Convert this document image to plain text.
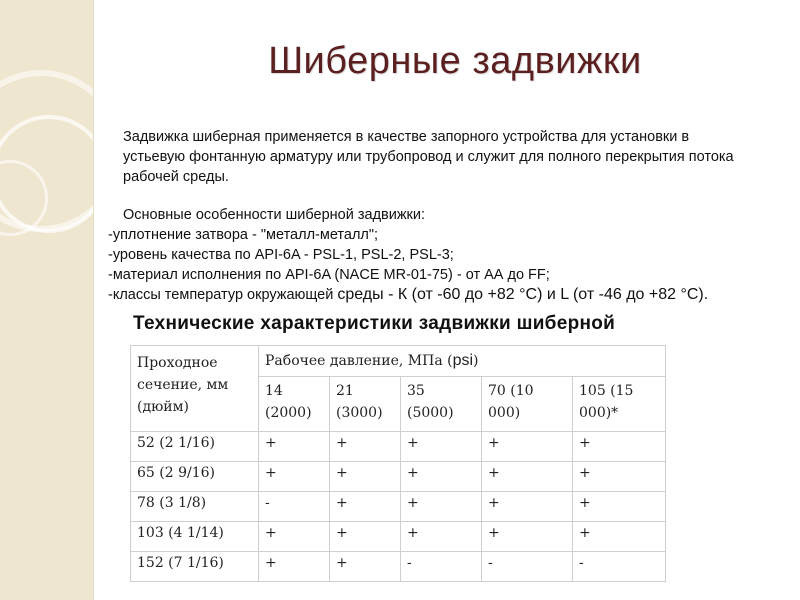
Шиберные задвижки

Задвижка шиберная применяется в качестве запорного устройства для установки в устьевую фонтанную арматуру или трубопровод и служит для полного перекрытия потока рабочей среды.

Основные особенности шиберной задвижки:

-уплотнение затвора - "металл-металл";

-уровень качества по API-6A - PSL-1, PSL-2, PSL-3;

-материал исполнения по API-6A (NACE MR-01-75) - от АА до FF;

-классы температур окружающей среды - К (от -60 до +82 °С) и L (от -46 до +82 °С).

Технические характеристики задвижки шиберной
Проходное сечение, мм (дюйм)	Рабочее давление, МПа (psi)				
	14 (2000)	21 (3000)	35 (5000)	70 (10 000)	105 (15 000)*
52 (2 1/16)	+	+	+	+	+
65 (2 9/16)	+	+	+	+	+
78 (3 1/8)	-	+	+	+	+
103 (4 1/14)	+	+	+	+	+
152 (7 1/16)	+	+	-	-	-
